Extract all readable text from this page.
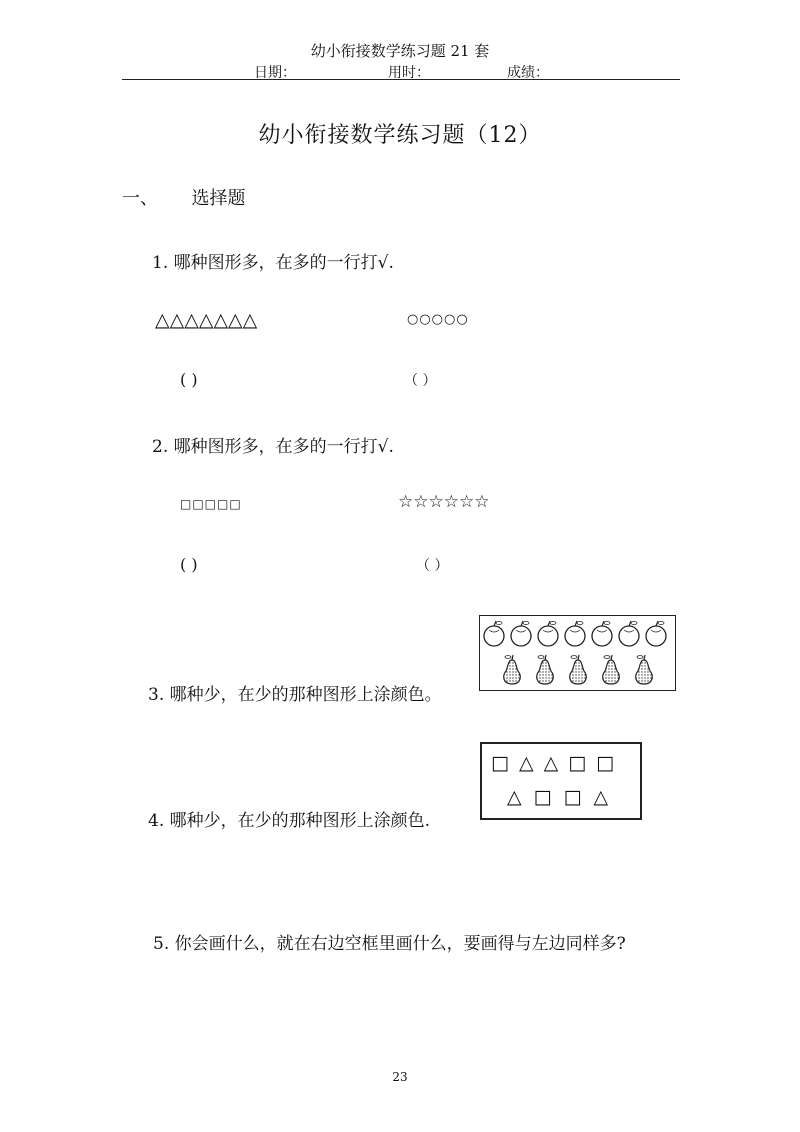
幼小衔接数学练习题 21 套
日期：	用时：	成绩：
幼小衔接数学练习题（12）
一、 选择题
1. 哪种图形多，在多的一行打√.
△△△△△△△	○○○○○
( )	（ ）
2. 哪种图形多，在多的一行打√.
□□□□□	☆☆☆☆☆☆
( )	（ ）
3. 哪种少，在少的那种图形上涂颜色。
□△△□□
△□□△
4. 哪种少，在少的那种图形上涂颜色.
5. 你会画什么，就在右边空框里画什么，要画得与左边同样多?
23
